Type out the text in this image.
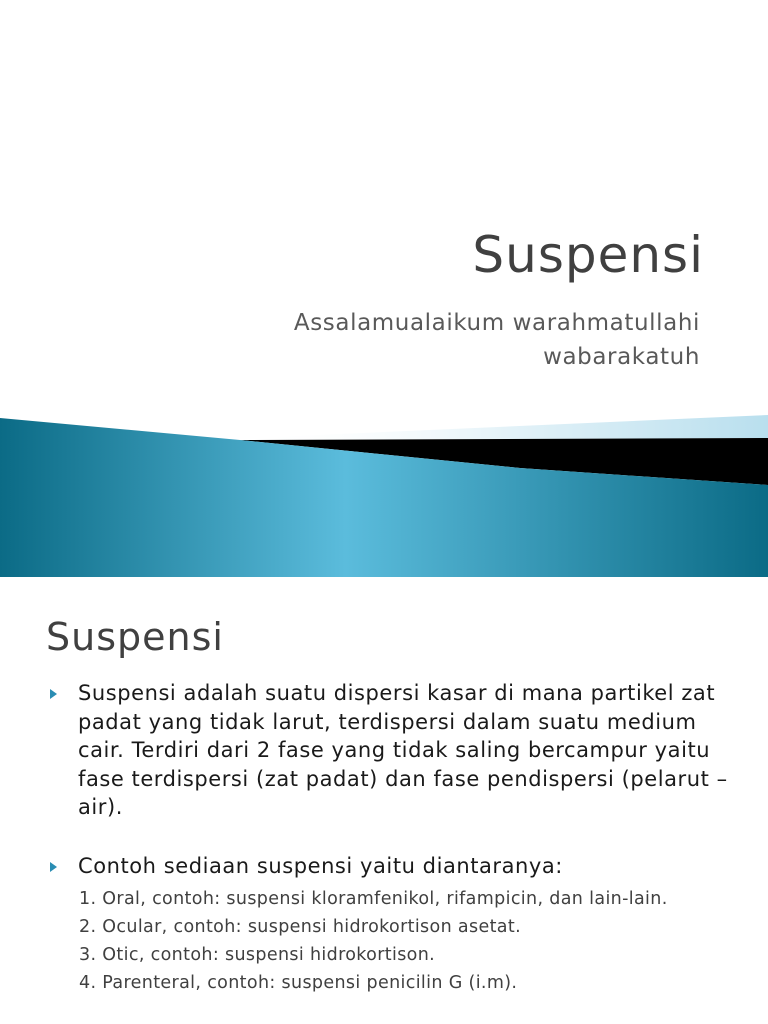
Suspensi
Assalamualaikum warahmatullahi wabarakatuh
Suspensi
Suspensi adalah suatu dispersi kasar di mana partikel zat padat yang tidak larut, terdispersi dalam suatu medium cair. Terdiri dari 2 fase yang tidak saling bercampur yaitu fase terdispersi (zat padat) dan fase pendispersi (pelarut – air).
Contoh sediaan suspensi yaitu diantaranya:
1. Oral, contoh: suspensi kloramfenikol, rifampicin, dan lain-lain.
2. Ocular, contoh: suspensi hidrokortison asetat.
3. Otic, contoh: suspensi hidrokortison.
4. Parenteral, contoh: suspensi penicilin G (i.m).
